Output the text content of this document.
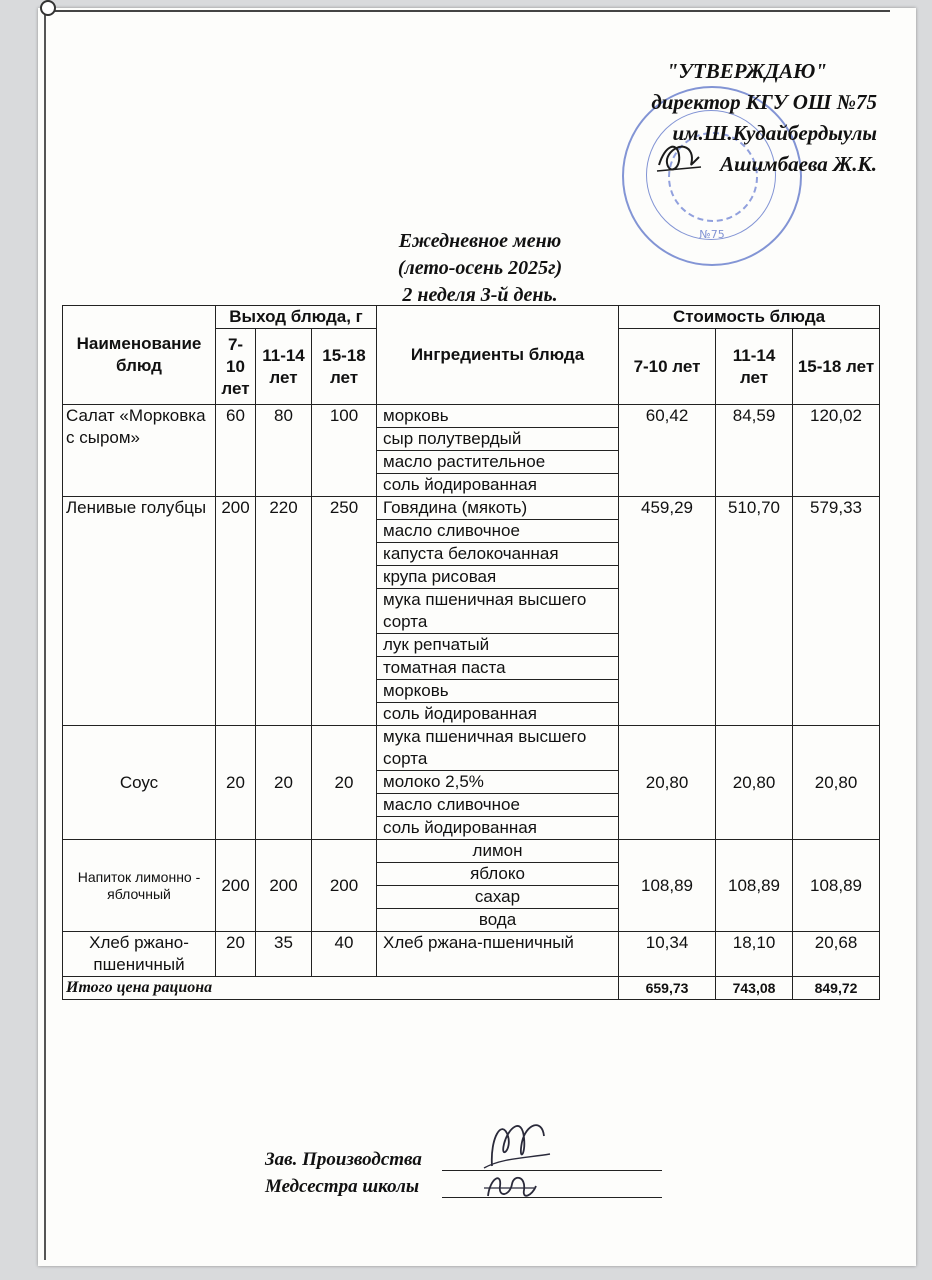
№75
"УТВЕРЖДАЮ"
директор КГУ ОШ №75
им.Ш.Кудайбердыулы
Ашимбаева Ж.К.
Ежедневное меню
(лето-осень 2025г)
2 неделя 3-й день.
Наименование блюд	Выход блюда, г			Ингредиенты блюда	Стоимость блюда		
	7-10 лет	11-14 лет	15-18 лет		7-10 лет	11-14 лет	15-18 лет
Салат «Морковка с сыром»	60	80	100	морковь	60,42	84,59	120,02
				сыр полутвердый			
				масло растительное			
				соль йодированная			
Ленивые голубцы	200	220	250	Говядина (мякоть)	459,29	510,70	579,33
				масло сливочное			
				капуста белокочанная			
				крупа рисовая			
				мука пшеничная высшего сорта			
				лук репчатый			
				томатная паста			
				морковь			
				соль йодированная			
Соус	20	20	20	мука пшеничная высшего сорта	20,80	20,80	20,80
				молоко 2,5%			
				масло сливочное			
				соль йодированная			
Напиток лимонно - яблочный	200	200	200	лимон	108,89	108,89	108,89
				яблоко			
				сахар			
				вода			
Хлеб ржано-пшеничный	20	35	40	Хлеб ржана-пшеничный	10,34	18,10	20,68
Итого цена рациона					659,73	743,08	849,72
Зав. Производства
Медсестра школы
